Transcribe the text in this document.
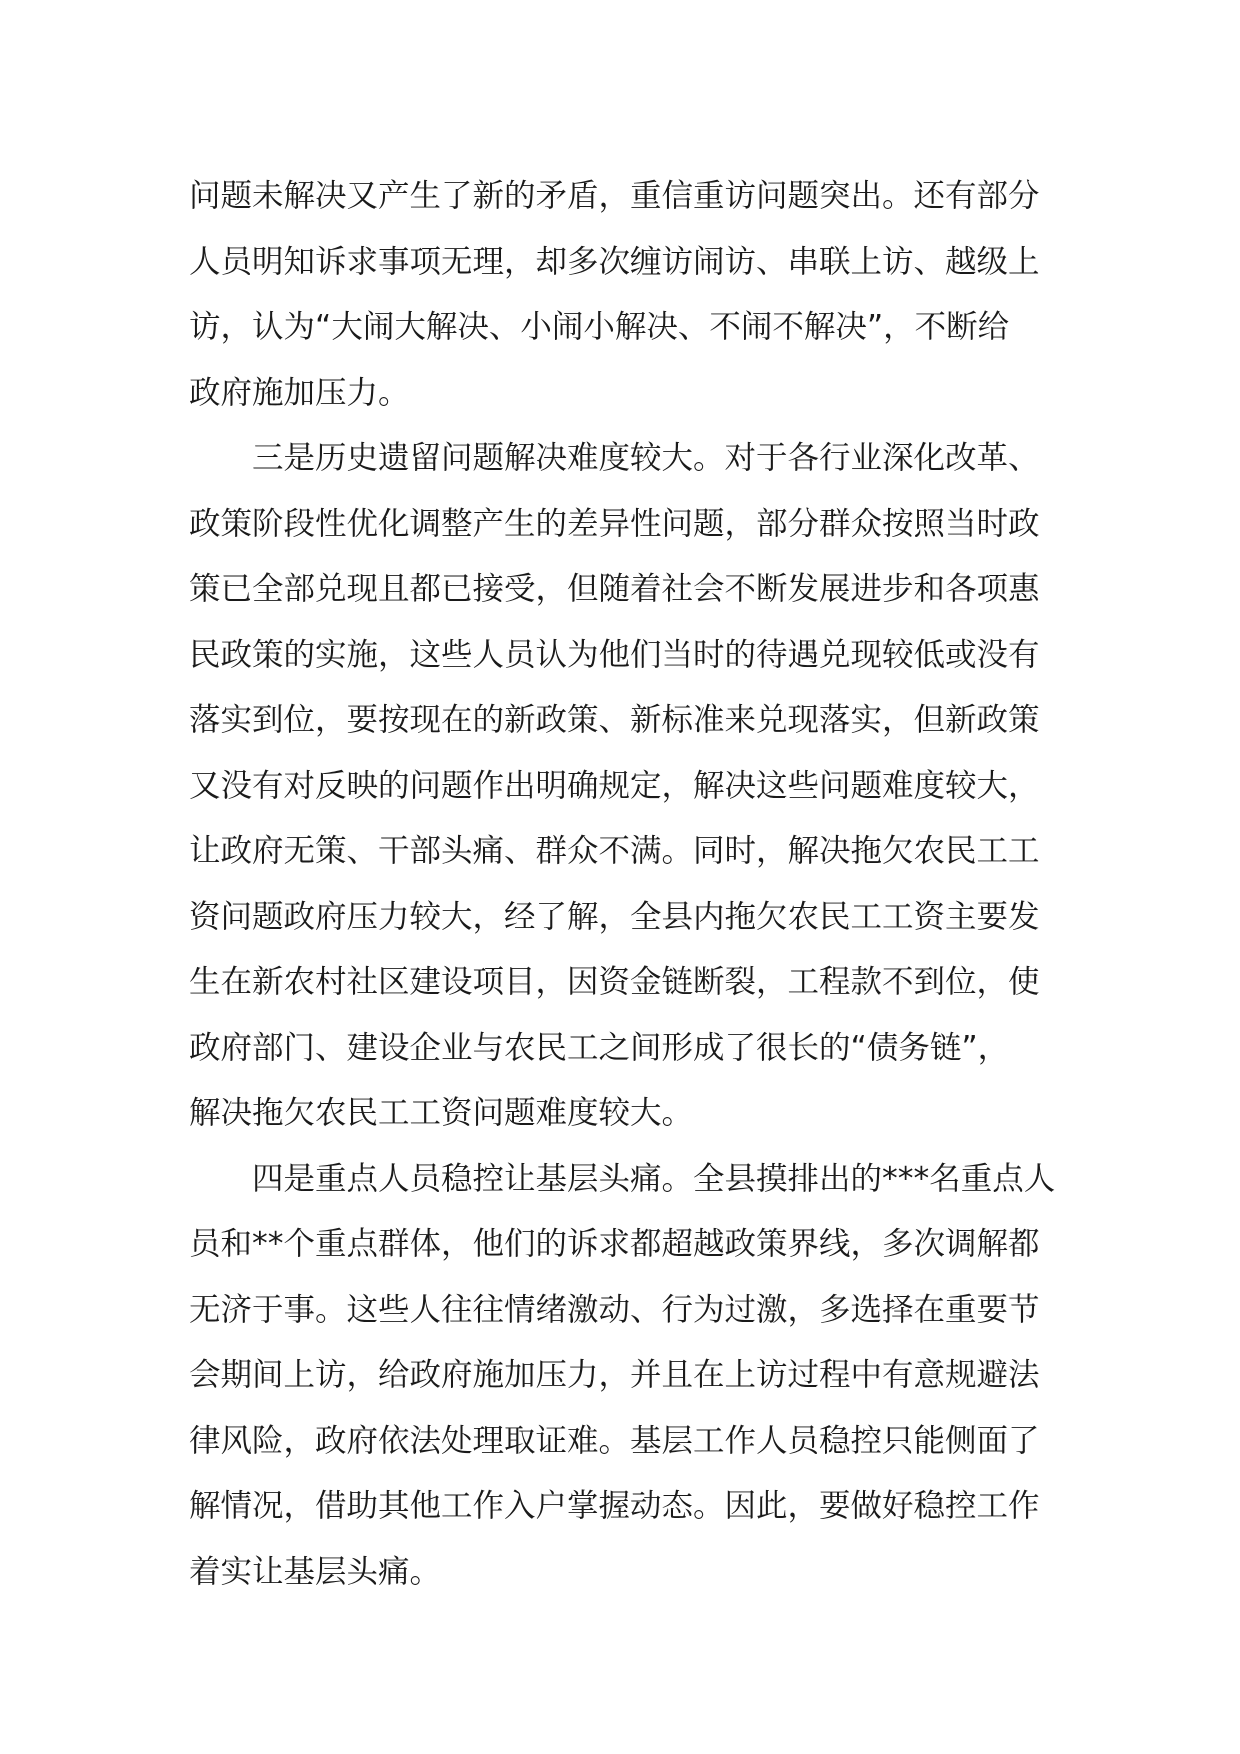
问题未解决又产生了新的矛盾，重信重访问题突出。还有部分
人员明知诉求事项无理，却多次缠访闹访、串联上访、越级上
访，认为“大闹大解决、小闹小解决、不闹不解决”，不断给
政府施加压力。
三是历史遗留问题解决难度较大。对于各行业深化改革、
政策阶段性优化调整产生的差异性问题，部分群众按照当时政
策已全部兑现且都已接受，但随着社会不断发展进步和各项惠
民政策的实施，这些人员认为他们当时的待遇兑现较低或没有
落实到位，要按现在的新政策、新标准来兑现落实，但新政策
又没有对反映的问题作出明确规定，解决这些问题难度较大，
让政府无策、干部头痛、群众不满。同时，解决拖欠农民工工
资问题政府压力较大，经了解，全县内拖欠农民工工资主要发
生在新农村社区建设项目，因资金链断裂，工程款不到位，使
政府部门、建设企业与农民工之间形成了很长的“债务链”，
解决拖欠农民工工资问题难度较大。
四是重点人员稳控让基层头痛。全县摸排出的***名重点人
员和**个重点群体，他们的诉求都超越政策界线，多次调解都
无济于事。这些人往往情绪激动、行为过激，多选择在重要节
会期间上访，给政府施加压力，并且在上访过程中有意规避法
律风险，政府依法处理取证难。基层工作人员稳控只能侧面了
解情况，借助其他工作入户掌握动态。因此，要做好稳控工作
着实让基层头痛。
